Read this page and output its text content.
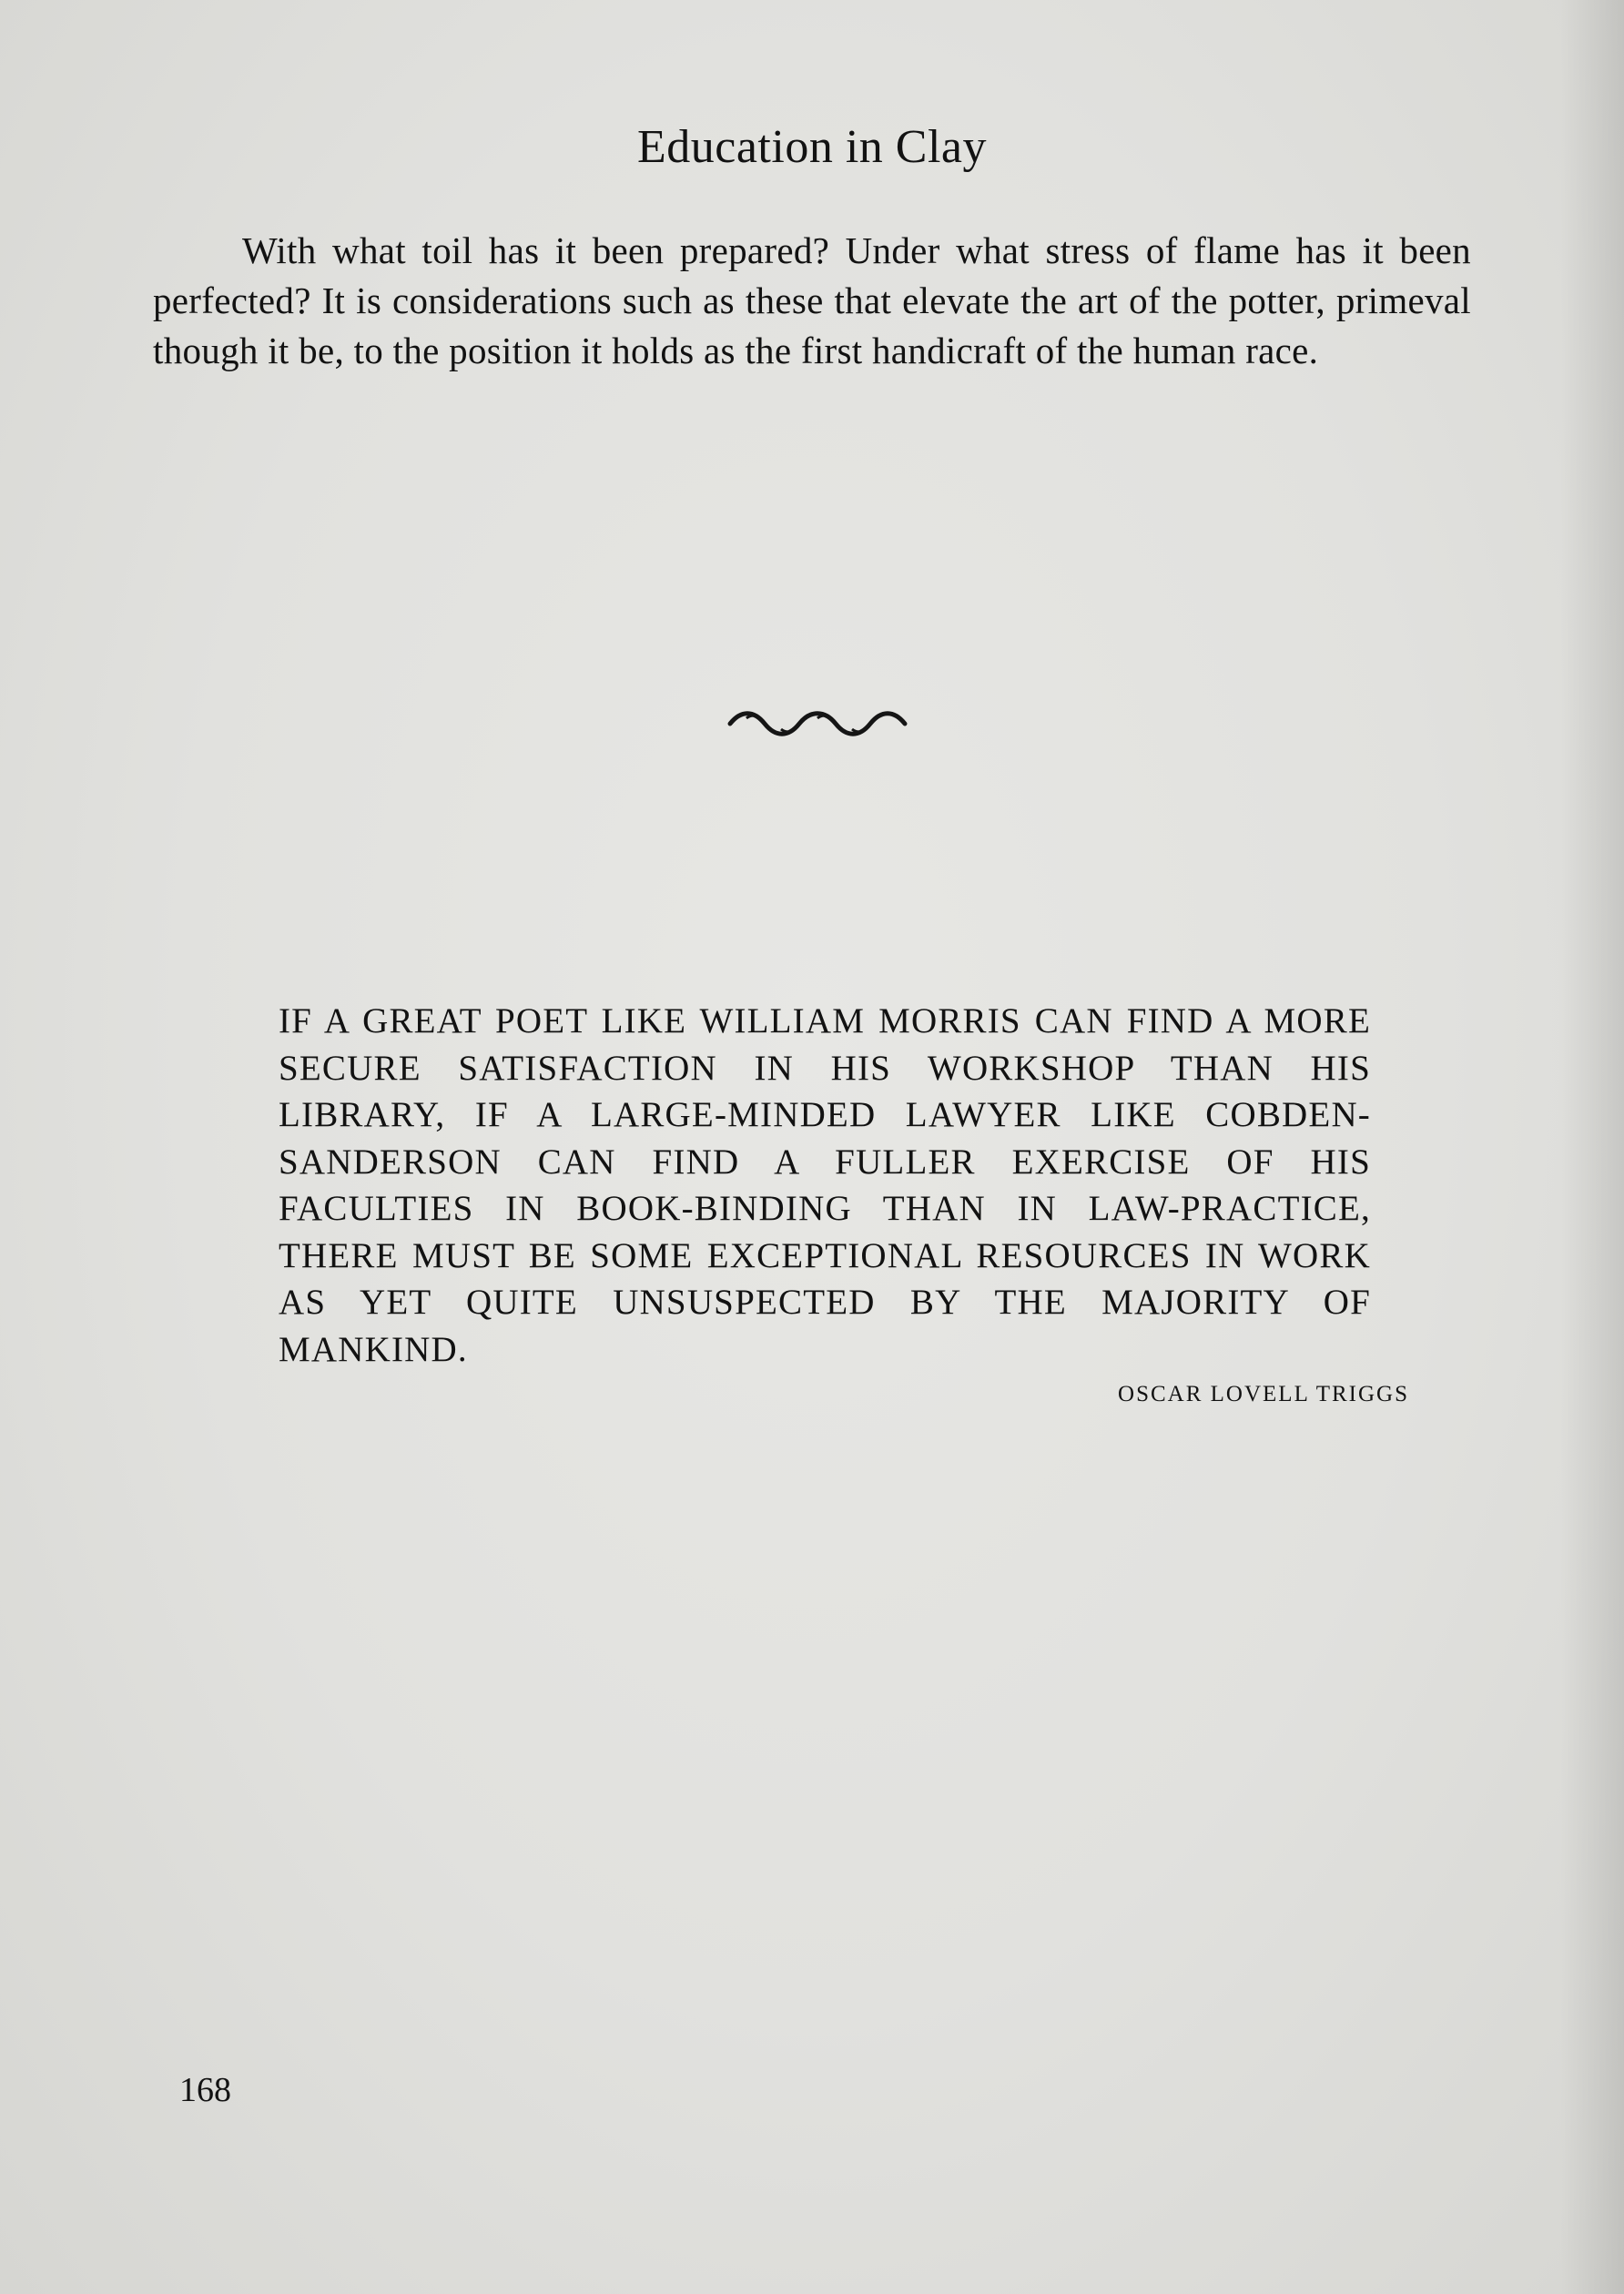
Education in Clay

With what toil has it been prepared? Under what stress of flame has it been perfected? It is considerations such as these that elevate the art of the potter, primeval though it be, to the position it holds as the first handicraft of the human race.

IF A GREAT POET LIKE WILLIAM MORRIS CAN FIND A MORE SECURE SATISFACTION IN HIS WORKSHOP THAN HIS LIBRARY, IF A LARGE-MINDED LAWYER LIKE COBDEN-SANDERSON CAN FIND A FULLER EXERCISE OF HIS FACULTIES IN BOOK-BINDING THAN IN LAW-PRACTICE, THERE MUST BE SOME EXCEPTIONAL RESOURCES IN WORK AS YET QUITE UNSUSPECTED BY THE MAJORITY OF MANKIND.

OSCAR LOVELL TRIGGS

168
